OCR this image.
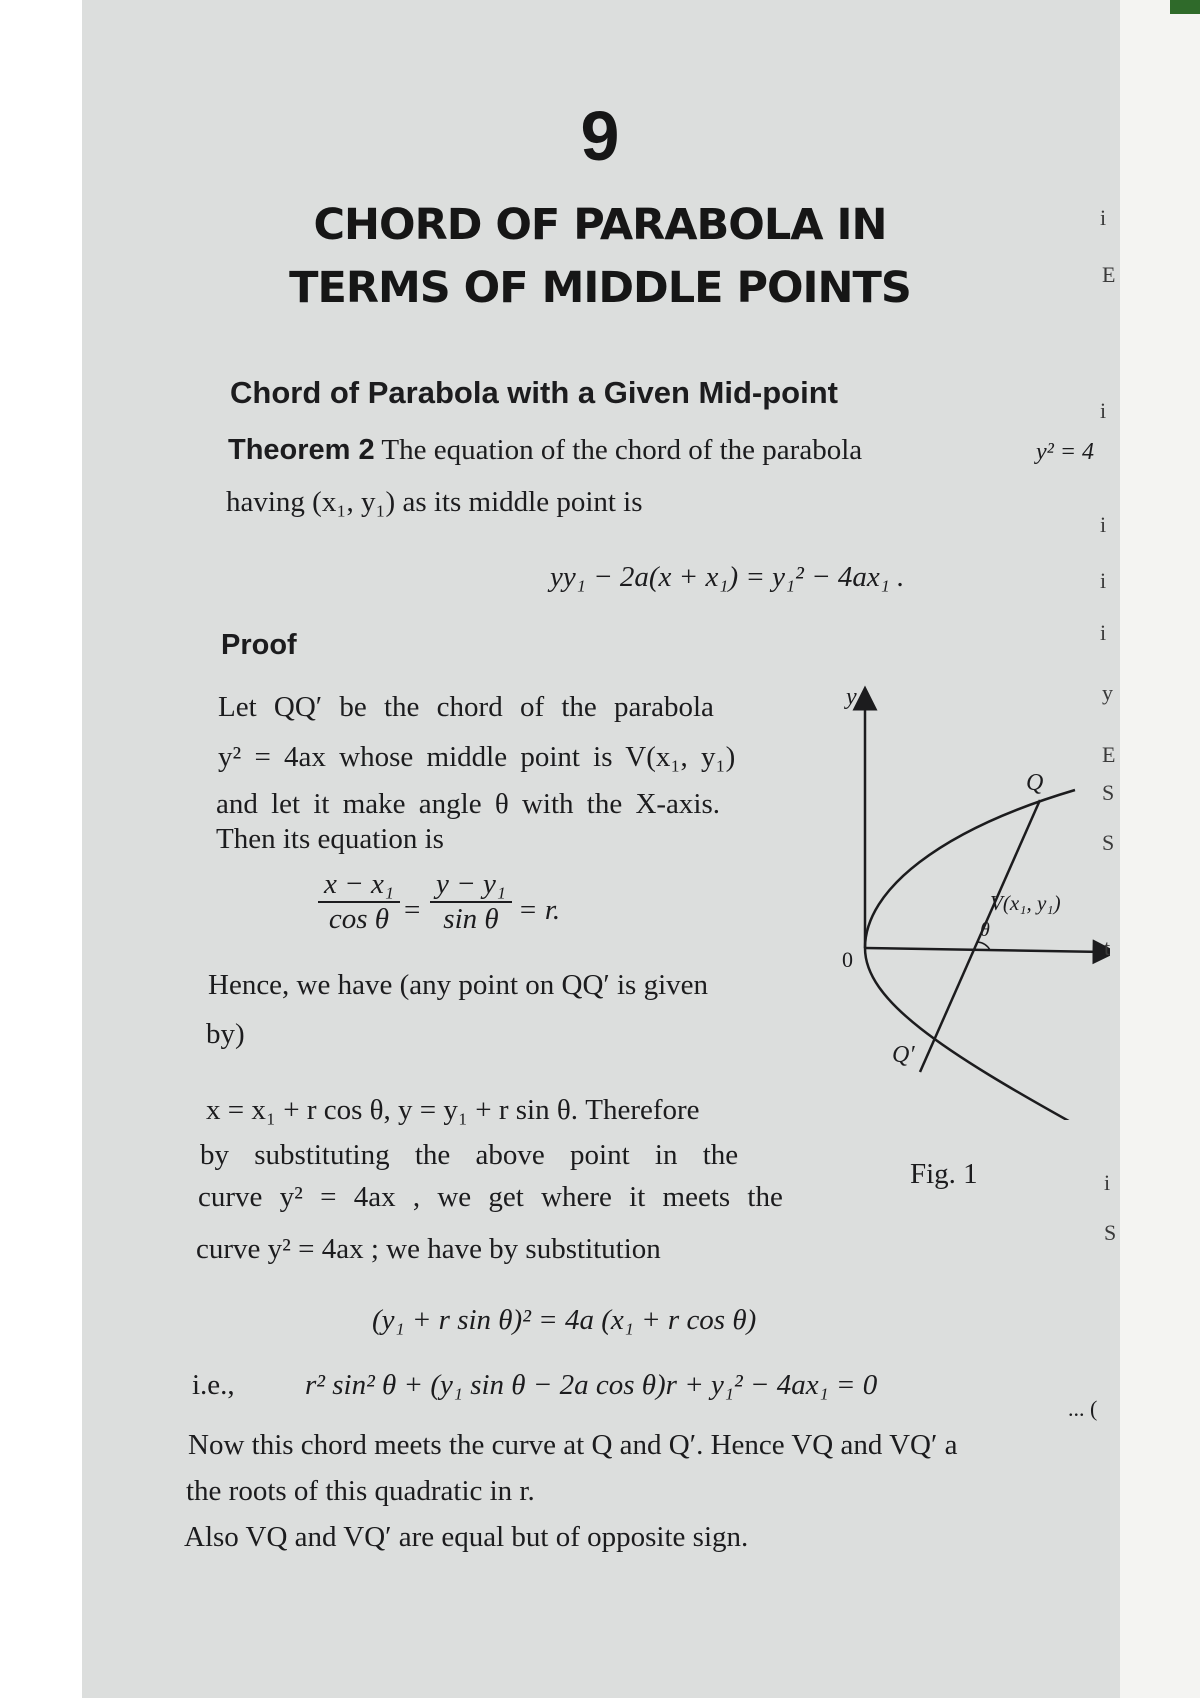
9
CHORD OF PARABOLA IN
TERMS OF MIDDLE POINTS
Chord of Parabola with a Given Mid-point
Theorem 2 The equation of the chord of the parabola	y² = 4
having (x₁, y₁) as its middle point is
yy₁ − 2a(x + x₁) = y₁² − 4ax₁ .
Proof
Let QQ′ be the chord of the parabola
y² = 4ax whose middle point is V(x₁, y₁)
and let it make angle θ with the X-axis.
Then its equation is
$\frac{\text{x − x₁}}{\text{cos θ}} = \frac{\text{y − y₁}}{\text{sin θ}} = r$.
Hence, we have (any point on QQ′ is given
by)
x = x₁ + r cos θ, y = y₁ + r sin θ. Therefore
by substituting the above point in the
curve y² = 4ax , we get where it meets the
curve y² = 4ax ; we have by substitution
(y₁ + r sin θ)² = 4a (x₁ + r cos θ)
i.e., r² sin² θ + (y₁ sin θ − 2a cos θ)r + y₁² − 4ax₁ = 0
... (
Now this chord meets the curve at Q and Q′. Hence VQ and VQ′ a
the roots of this quadratic in r.
Also VQ and VQ′ are equal but of opposite sign.
y
0
Q
V(x₁, y₁)
θ
Q′
Fig. 1
i
E
i
i
i
i
y
E
S
S
t
i
S
